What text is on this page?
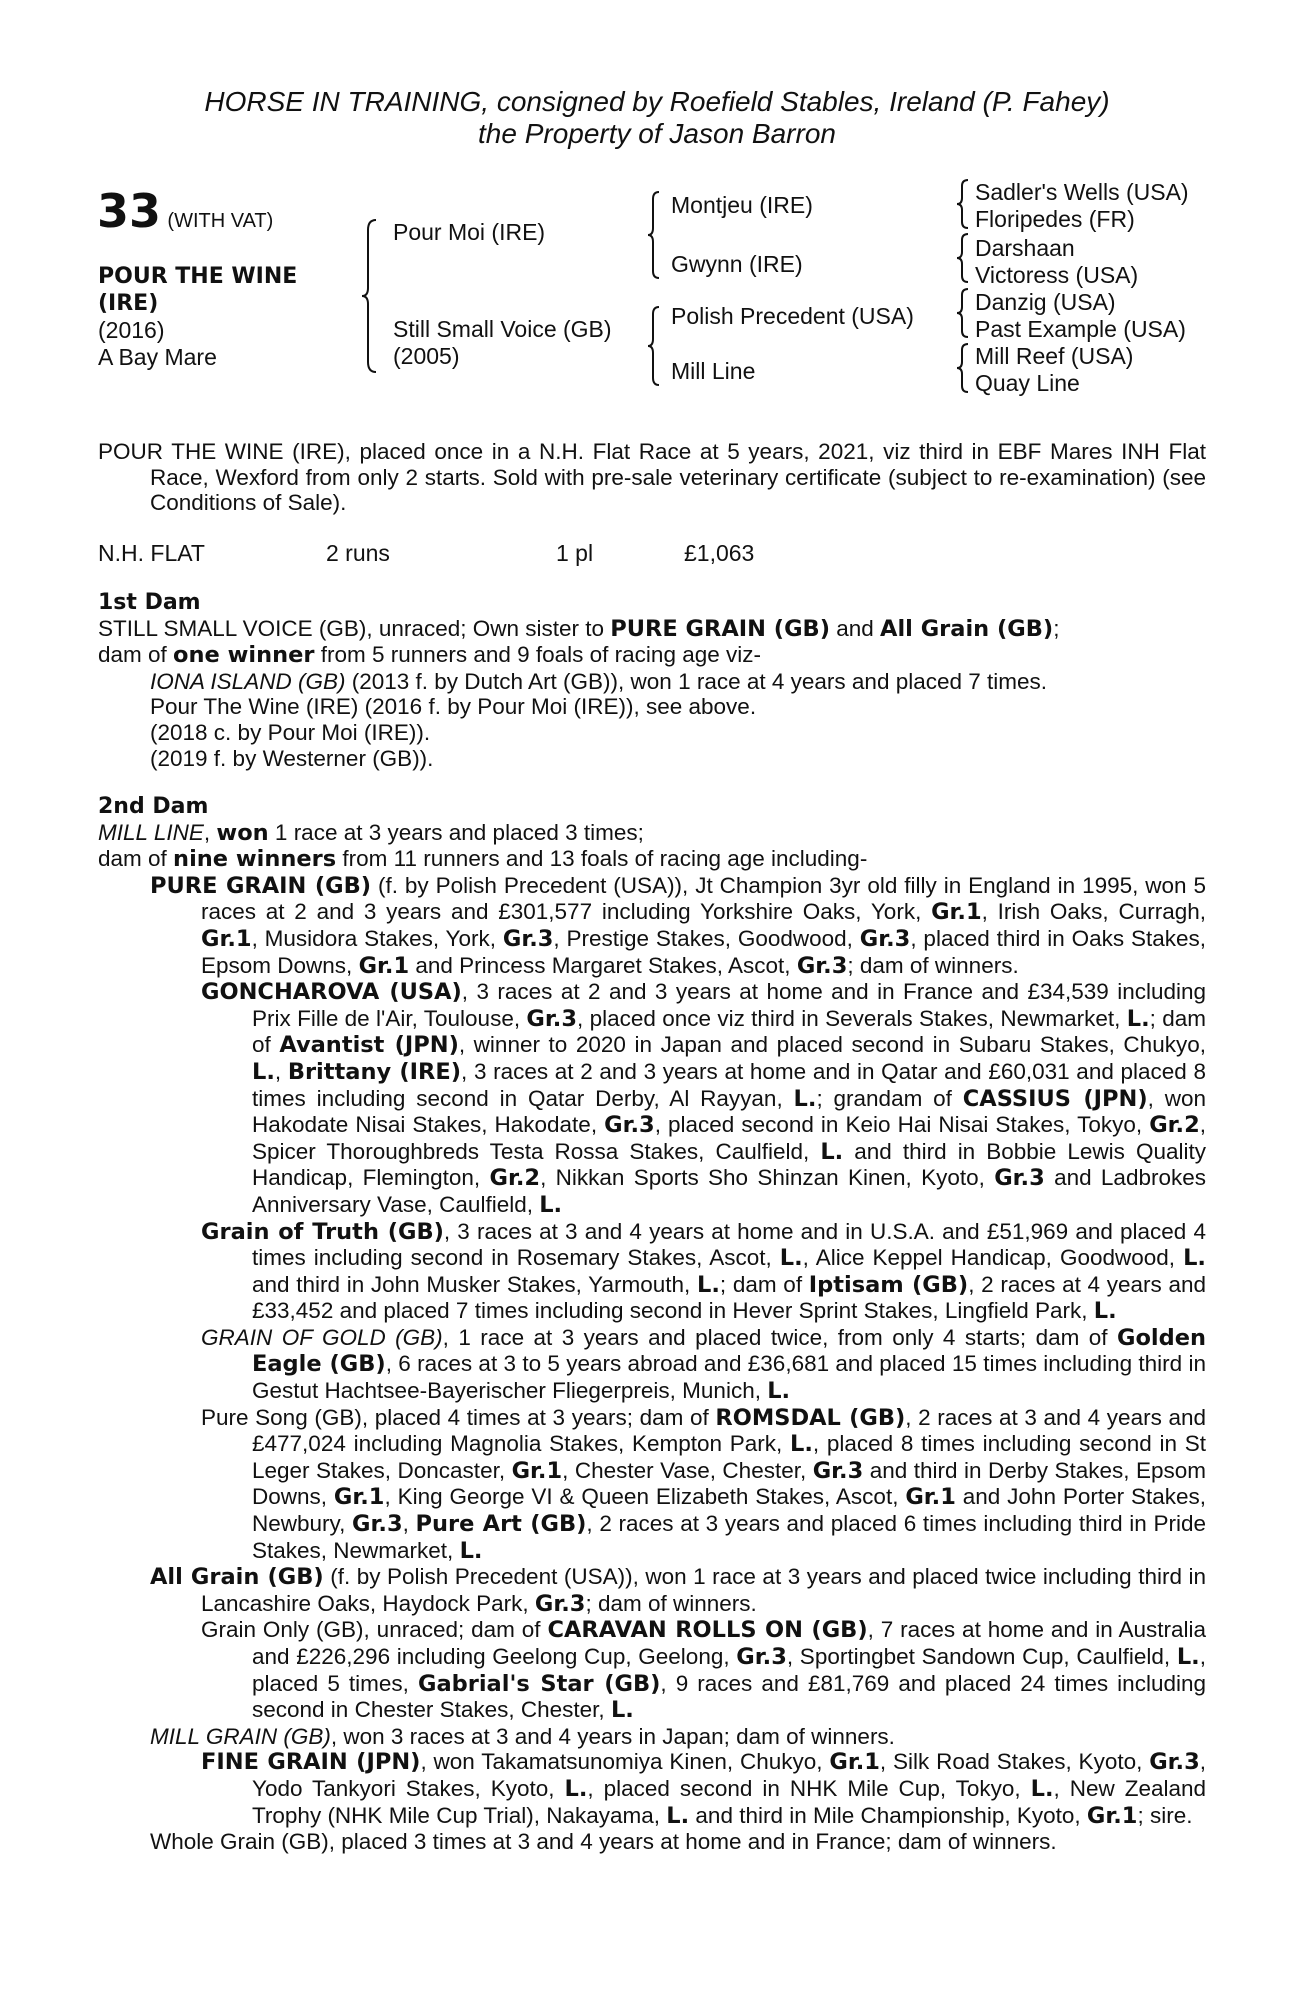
HORSE IN TRAINING, consigned by Roefield Stables, Ireland (P. Fahey)
the Property of Jason Barron
33 (WITH VAT)
POUR THE WINE
(IRE)
(2016)
A Bay Mare
Pour Moi (IRE)
Still Small Voice (GB)
(2005)
Montjeu (IRE)
Gwynn (IRE)
Polish Precedent (USA)
Mill Line
Sadler's Wells (USA)
Floripedes (FR)
Darshaan
Victoress (USA)
Danzig (USA)
Past Example (USA)
Mill Reef (USA)
Quay Line

POUR THE WINE (IRE), placed once in a N.H. Flat Race at 5 years, 2021, viz third in EBF Mares INH Flat Race, Wexford from only 2 starts. Sold with pre-sale veterinary certificate (subject to re-examination) (see Conditions of Sale).

N.H. FLAT	2 runs	1 pl	£1,063
1st Dam
STILL SMALL VOICE (GB), unraced; Own sister to PURE GRAIN (GB) and All Grain (GB);
dam of one winner from 5 runners and 9 foals of racing age viz-
IONA ISLAND (GB) (2013 f. by Dutch Art (GB)), won 1 race at 4 years and placed 7 times.
Pour The Wine (IRE) (2016 f. by Pour Moi (IRE)), see above.
(2018 c. by Pour Moi (IRE)).
(2019 f. by Westerner (GB)).
2nd Dam
MILL LINE, won 1 race at 3 years and placed 3 times;
dam of nine winners from 11 runners and 13 foals of racing age including-
PURE GRAIN (GB) (f. by Polish Precedent (USA)), Jt Champion 3yr old filly in England in 1995, won 5 races at 2 and 3 years and £301,577 including Yorkshire Oaks, York, Gr.1, Irish Oaks, Curragh, Gr.1, Musidora Stakes, York, Gr.3, Prestige Stakes, Goodwood, Gr.3, placed third in Oaks Stakes, Epsom Downs, Gr.1 and Princess Margaret Stakes, Ascot, Gr.3; dam of winners.
GONCHAROVA (USA), 3 races at 2 and 3 years at home and in France and £34,539 including Prix Fille de l'Air, Toulouse, Gr.3, placed once viz third in Severals Stakes, Newmarket, L.; dam of Avantist (JPN), winner to 2020 in Japan and placed second in Subaru Stakes, Chukyo, L., Brittany (IRE), 3 races at 2 and 3 years at home and in Qatar and £60,031 and placed 8 times including second in Qatar Derby, Al Rayyan, L.; grandam of CASSIUS (JPN), won Hakodate Nisai Stakes, Hakodate, Gr.3, placed second in Keio Hai Nisai Stakes, Tokyo, Gr.2, Spicer Thoroughbreds Testa Rossa Stakes, Caulfield, L. and third in Bobbie Lewis Quality Handicap, Flemington, Gr.2, Nikkan Sports Sho Shinzan Kinen, Kyoto, Gr.3 and Ladbrokes Anniversary Vase, Caulfield, L.
Grain of Truth (GB), 3 races at 3 and 4 years at home and in U.S.A. and £51,969 and placed 4 times including second in Rosemary Stakes, Ascot, L., Alice Keppel Handicap, Goodwood, L. and third in John Musker Stakes, Yarmouth, L.; dam of Iptisam (GB), 2 races at 4 years and £33,452 and placed 7 times including second in Hever Sprint Stakes, Lingfield Park, L.
GRAIN OF GOLD (GB), 1 race at 3 years and placed twice, from only 4 starts; dam of Golden Eagle (GB), 6 races at 3 to 5 years abroad and £36,681 and placed 15 times including third in Gestut Hachtsee-Bayerischer Fliegerpreis, Munich, L.
Pure Song (GB), placed 4 times at 3 years; dam of ROMSDAL (GB), 2 races at 3 and 4 years and £477,024 including Magnolia Stakes, Kempton Park, L., placed 8 times including second in St Leger Stakes, Doncaster, Gr.1, Chester Vase, Chester, Gr.3 and third in Derby Stakes, Epsom Downs, Gr.1, King George VI & Queen Elizabeth Stakes, Ascot, Gr.1 and John Porter Stakes, Newbury, Gr.3, Pure Art (GB), 2 races at 3 years and placed 6 times including third in Pride Stakes, Newmarket, L.
All Grain (GB) (f. by Polish Precedent (USA)), won 1 race at 3 years and placed twice including third in Lancashire Oaks, Haydock Park, Gr.3; dam of winners.
Grain Only (GB), unraced; dam of CARAVAN ROLLS ON (GB), 7 races at home and in Australia and £226,296 including Geelong Cup, Geelong, Gr.3, Sportingbet Sandown Cup, Caulfield, L., placed 5 times, Gabrial's Star (GB), 9 races and £81,769 and placed 24 times including second in Chester Stakes, Chester, L.
MILL GRAIN (GB), won 3 races at 3 and 4 years in Japan; dam of winners.
FINE GRAIN (JPN), won Takamatsunomiya Kinen, Chukyo, Gr.1, Silk Road Stakes, Kyoto, Gr.3, Yodo Tankyori Stakes, Kyoto, L., placed second in NHK Mile Cup, Tokyo, L., New Zealand Trophy (NHK Mile Cup Trial), Nakayama, L. and third in Mile Championship, Kyoto, Gr.1; sire.
Whole Grain (GB), placed 3 times at 3 and 4 years at home and in France; dam of winners.
